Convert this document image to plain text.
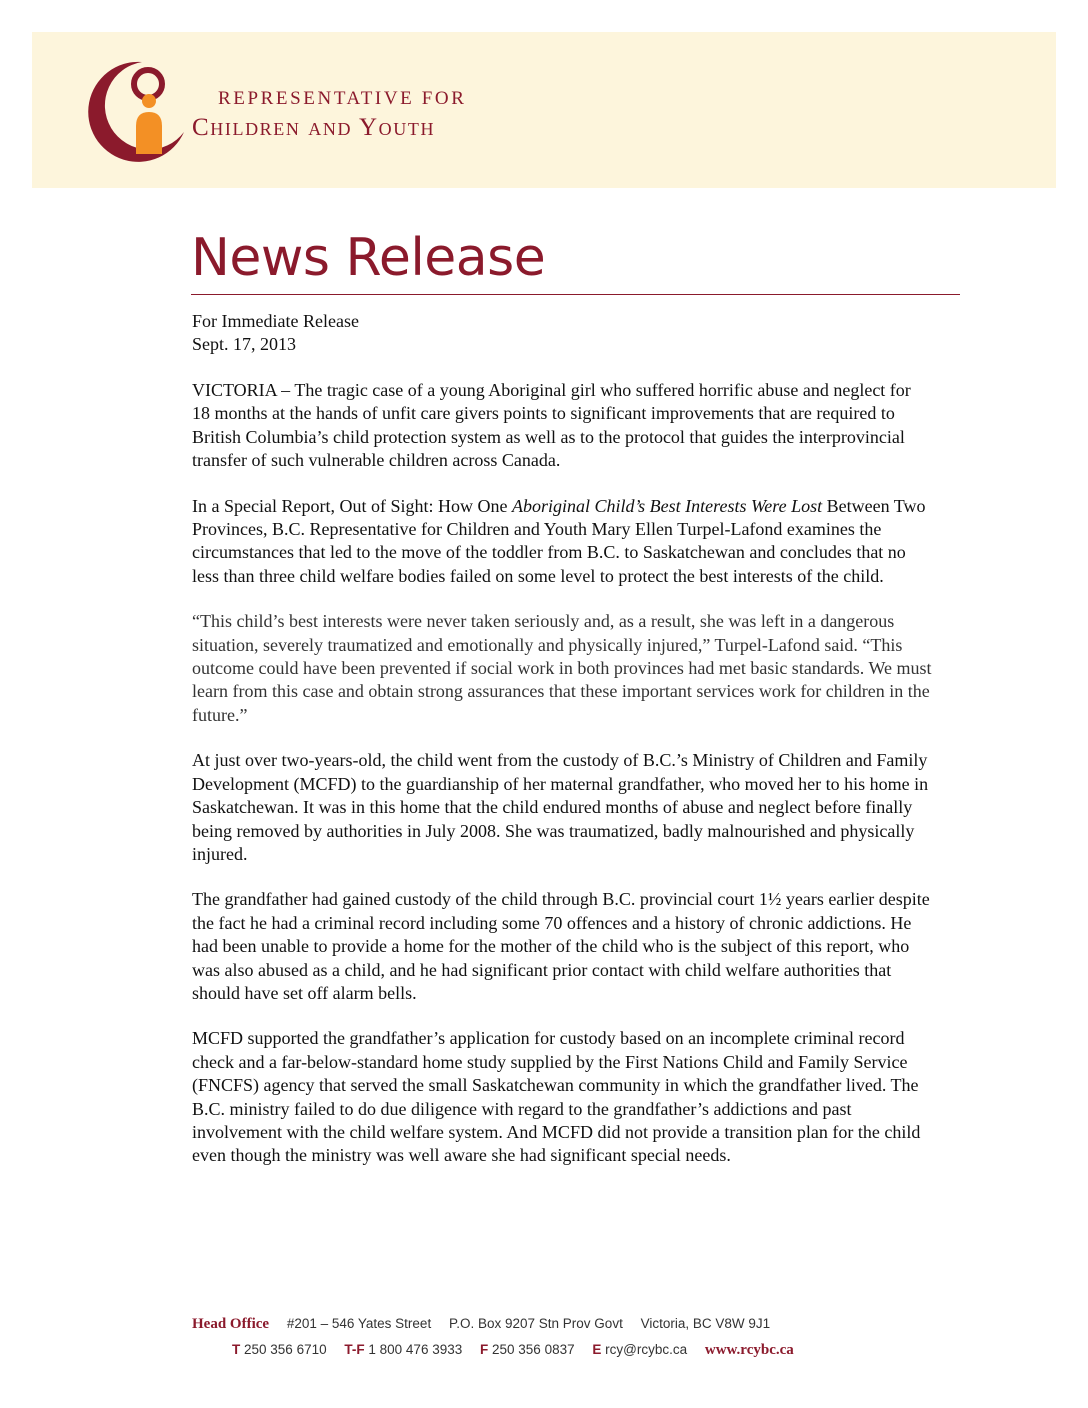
REPRESENTATIVE FOR
Children and Youth
News Release
For Immediate Release
Sept. 17, 2013

VICTORIA – The tragic case of a young Aboriginal girl who suffered horrific abuse and neglect for 18 months at the hands of unfit care givers points to significant improvements that are required to British Columbia’s child protection system as well as to the protocol that guides the interprovincial transfer of such vulnerable children across Canada.

In a Special Report, Out of Sight: How One Aboriginal Child’s Best Interests Were Lost Between Two Provinces, B.C. Representative for Children and Youth Mary Ellen Turpel-Lafond examines the circumstances that led to the move of the toddler from B.C. to Saskatchewan and concludes that no less than three child welfare bodies failed on some level to protect the best interests of the child.

“This child’s best interests were never taken seriously and, as a result, she was left in a dangerous situation, severely traumatized and emotionally and physically injured,” Turpel-Lafond said. “This outcome could have been prevented if social work in both provinces had met basic standards. We must learn from this case and obtain strong assurances that these important services work for children in the future.”

At just over two-years-old, the child went from the custody of B.C.’s Ministry of Children and Family Development (MCFD) to the guardianship of her maternal grandfather, who moved her to his home in Saskatchewan. It was in this home that the child endured months of abuse and neglect before finally being removed by authorities in July 2008. She was traumatized, badly malnourished and physically injured.

The grandfather had gained custody of the child through B.C. provincial court 1½ years earlier despite the fact he had a criminal record including some 70 offences and a history of chronic addictions. He had been unable to provide a home for the mother of the child who is the subject of this report, who was also abused as a child, and he had significant prior contact with child welfare authorities that should have set off alarm bells.

MCFD supported the grandfather’s application for custody based on an incomplete criminal record check and a far-below-standard home study supplied by the First Nations Child and Family Service (FNCFS) agency that served the small Saskatchewan community in which the grandfather lived. The B.C. ministry failed to do due diligence with regard to the grandfather’s addictions and past involvement with the child welfare system. And MCFD did not provide a transition plan for the child even though the ministry was well aware she had significant special needs.

Head Office #201 – 546 Yates Street P.O. Box 9207 Stn Prov Govt Victoria, BC V8W 9J1
T 250 356 6710 T-F 1 800 476 3933 F 250 356 0837 E rcy@rcybc.ca www.rcybc.ca
